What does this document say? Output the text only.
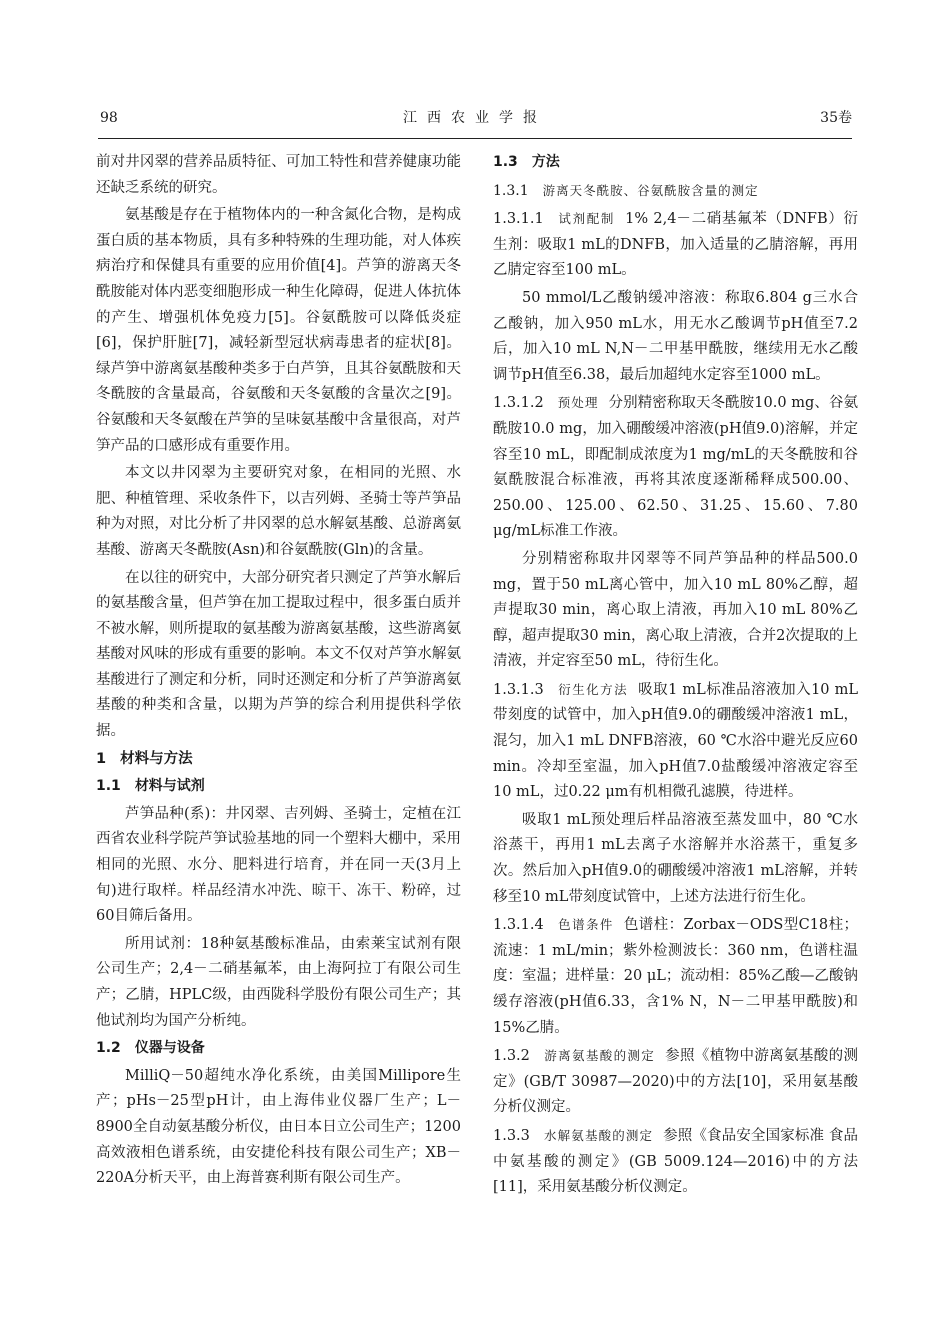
98	江西农业学报	35卷

前对井冈翠的营养品质特征、可加工特性和营养健康功能还缺乏系统的研究。

氨基酸是存在于植物体内的一种含氮化合物，是构成蛋白质的基本物质，具有多种特殊的生理功能，对人体疾病治疗和保健具有重要的应用价值[4]。芦笋的游离天冬酰胺能对体内恶变细胞形成一种生化障碍，促进人体抗体的产生、增强机体免疫力[5]。谷氨酰胺可以降低炎症[6]，保护肝脏[7]，减轻新型冠状病毒患者的症状[8]。绿芦笋中游离氨基酸种类多于白芦笋，且其谷氨酰胺和天冬酰胺的含量最高，谷氨酸和天冬氨酸的含量次之[9]。谷氨酸和天冬氨酸在芦笋的呈味氨基酸中含量很高，对芦笋产品的口感形成有重要作用。

本文以井冈翠为主要研究对象，在相同的光照、水肥、种植管理、采收条件下，以吉列姆、圣骑士等芦笋品种为对照，对比分析了井冈翠的总水解氨基酸、总游离氨基酸、游离天冬酰胺(Asn)和谷氨酰胺(Gln)的含量。

在以往的研究中，大部分研究者只测定了芦笋水解后的氨基酸含量，但芦笋在加工提取过程中，很多蛋白质并不被水解，则所提取的氨基酸为游离氨基酸，这些游离氨基酸对风味的形成有重要的影响。本文不仅对芦笋水解氨基酸进行了测定和分析，同时还测定和分析了芦笋游离氨基酸的种类和含量，以期为芦笋的综合利用提供科学依据。

1 材料与方法
1.1 材料与试剂

芦笋品种(系)：井冈翠、吉列姆、圣骑士，定植在江西省农业科学院芦笋试验基地的同一个塑料大棚中，采用相同的光照、水分、肥料进行培育，并在同一天(3月上旬)进行取样。样品经清水冲洗、晾干、冻干、粉碎，过60目筛后备用。

所用试剂：18种氨基酸标准品，由索莱宝试剂有限公司生产；2,4－二硝基氟苯，由上海阿拉丁有限公司生产；乙腈，HPLC级，由西陇科学股份有限公司生产；其他试剂均为国产分析纯。

1.2 仪器与设备

MilliQ－50超纯水净化系统，由美国Millipore生产；pHs－25型pH计，由上海伟业仪器厂生产；L－8900全自动氨基酸分析仪，由日本日立公司生产；1200高效液相色谱系统，由安捷伦科技有限公司生产；XB－220A分析天平，由上海普赛利斯有限公司生产。

1.3 方法
1.3.1 游离天冬酰胺、谷氨酰胺含量的测定

1.3.1.1 试剂配制 1% 2,4－二硝基氟苯（DNFB）衍生剂：吸取1 mL的DNFB，加入适量的乙腈溶解，再用乙腈定容至100 mL。

50 mmol/L乙酸钠缓冲溶液：称取6.804 g三水合乙酸钠，加入950 mL水，用无水乙酸调节pH值至7.2后，加入10 mL N,N－二甲基甲酰胺，继续用无水乙酸调节pH值至6.38，最后加超纯水定容至1000 mL。

1.3.1.2 预处理 分别精密称取天冬酰胺10.0 mg、谷氨酰胺10.0 mg，加入硼酸缓冲溶液(pH值9.0)溶解，并定容至10 mL，即配制成浓度为1 mg/mL的天冬酰胺和谷氨酰胺混合标准液，再将其浓度逐渐稀释成500.00、250.00、125.00、62.50、31.25、15.60、7.80 μg/mL标准工作液。

分别精密称取井冈翠等不同芦笋品种的样品500.0 mg，置于50 mL离心管中，加入10 mL 80%乙醇，超声提取30 min，离心取上清液，再加入10 mL 80%乙醇，超声提取30 min，离心取上清液，合并2次提取的上清液，并定容至50 mL，待衍生化。

1.3.1.3 衍生化方法 吸取1 mL标准品溶液加入10 mL带刻度的试管中，加入pH值9.0的硼酸缓冲溶液1 mL，混匀，加入1 mL DNFB溶液，60 ℃水浴中避光反应60 min。冷却至室温，加入pH值7.0盐酸缓冲溶液定容至10 mL，过0.22 μm有机相微孔滤膜，待进样。

吸取1 mL预处理后样品溶液至蒸发皿中，80 ℃水浴蒸干，再用1 mL去离子水溶解并水浴蒸干，重复多次。然后加入pH值9.0的硼酸缓冲溶液1 mL溶解，并转移至10 mL带刻度试管中，上述方法进行衍生化。

1.3.1.4 色谱条件 色谱柱：Zorbax－ODS型C18柱；流速：1 mL/min；紫外检测波长：360 nm，色谱柱温度：室温；进样量：20 μL；流动相：85%乙酸—乙酸钠缓存溶液(pH值6.33，含1% N，N－二甲基甲酰胺)和15%乙腈。

1.3.2 游离氨基酸的测定 参照《植物中游离氨基酸的测定》(GB/T 30987—2020)中的方法[10]，采用氨基酸分析仪测定。

1.3.3 水解氨基酸的测定 参照《食品安全国家标准 食品中氨基酸的测定》(GB 5009.124—2016)中的方法[11]，采用氨基酸分析仪测定。
